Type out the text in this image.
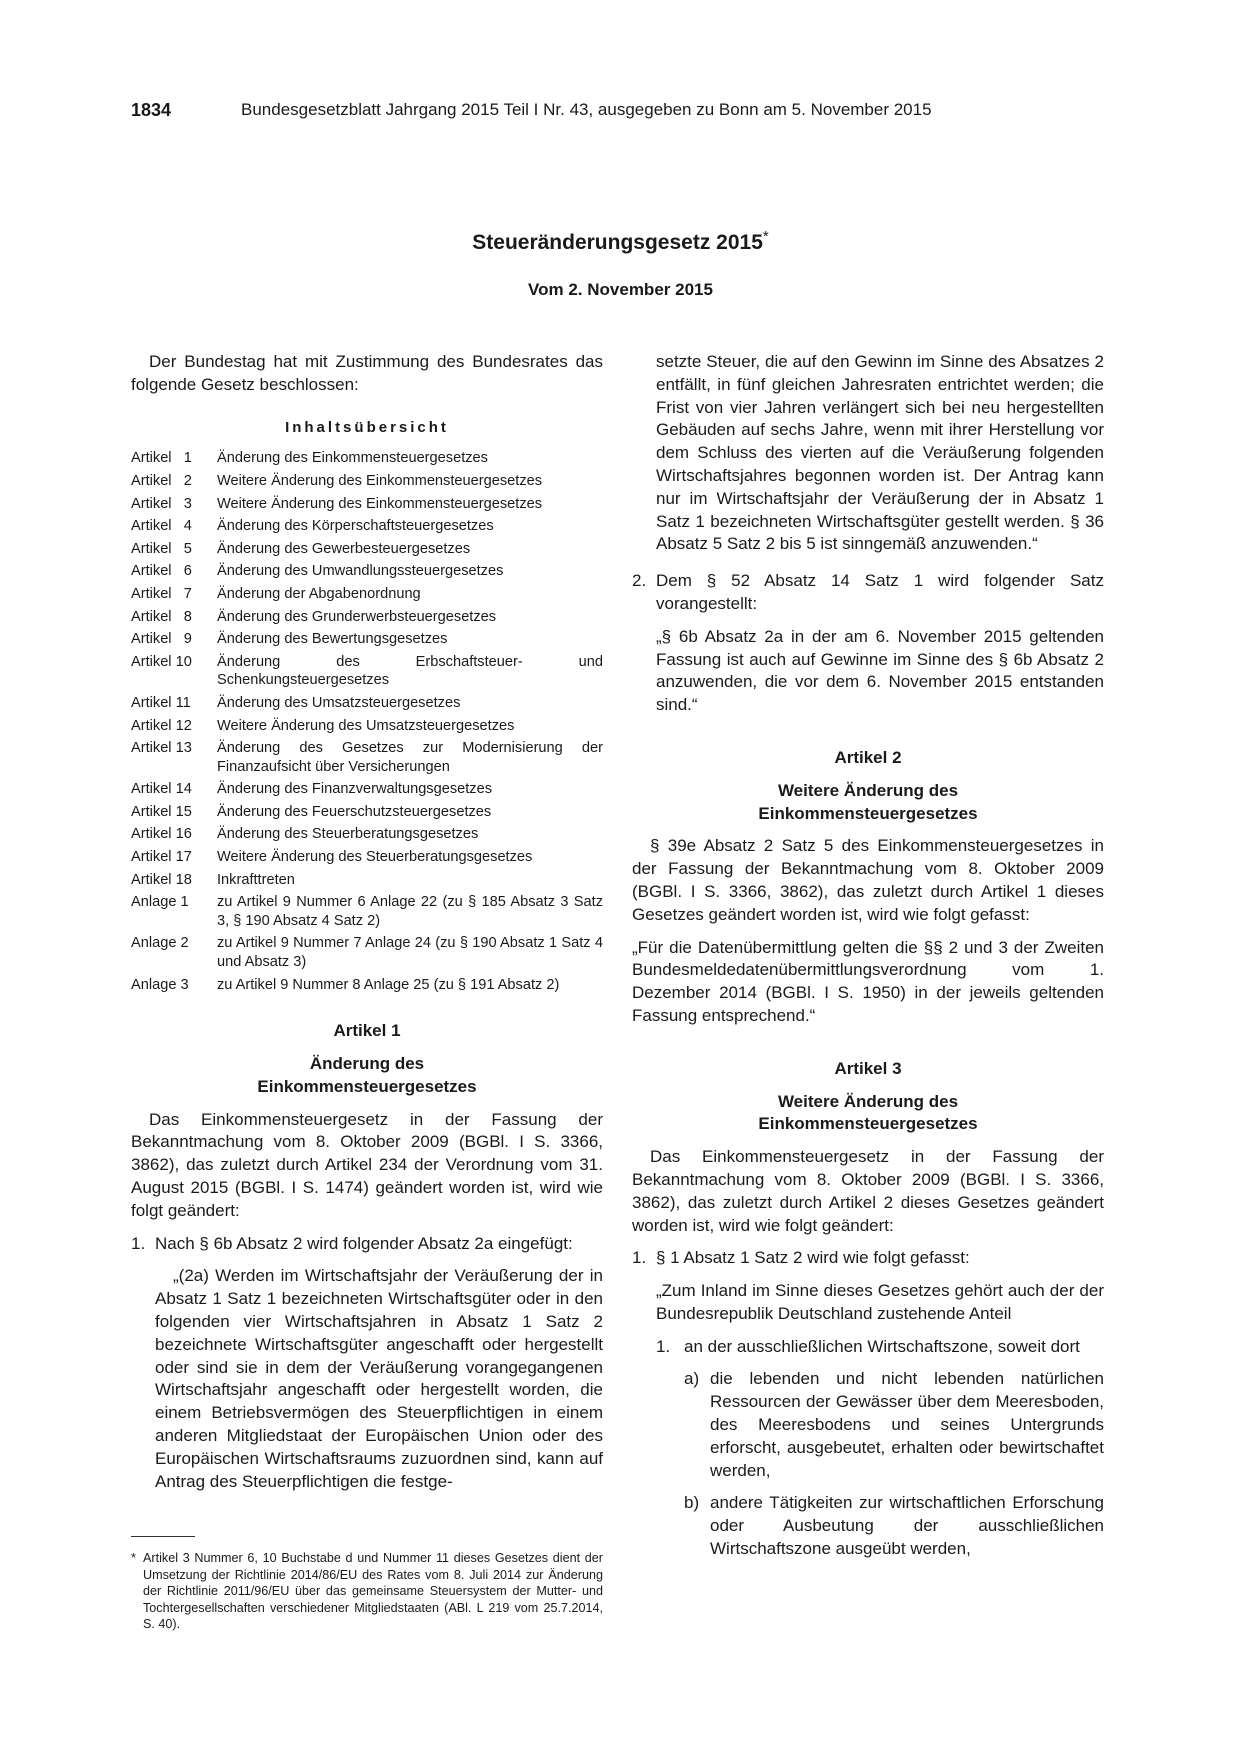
1834	Bundesgesetzblatt Jahrgang 2015 Teil I Nr. 43, ausgegeben zu Bonn am 5. November 2015
Steueränderungsgesetz 2015*
Vom 2. November 2015

Der Bundestag hat mit Zustimmung des Bundesrates das folgende Gesetz beschlossen:

Inhaltsübersicht
Artikel   1	Änderung des Einkommensteuergesetzes
Artikel   2	Weitere Änderung des Einkommensteuergesetzes
Artikel   3	Weitere Änderung des Einkommensteuergesetzes
Artikel   4	Änderung des Körperschaftsteuergesetzes
Artikel   5	Änderung des Gewerbesteuergesetzes
Artikel   6	Änderung des Umwandlungssteuergesetzes
Artikel   7	Änderung der Abgabenordnung
Artikel   8	Änderung des Grunderwerbsteuergesetzes
Artikel   9	Änderung des Bewertungsgesetzes
Artikel 10	Änderung des Erbschaftsteuer- und Schenkungsteuergesetzes
Artikel 11	Änderung des Umsatzsteuergesetzes
Artikel 12	Weitere Änderung des Umsatzsteuergesetzes
Artikel 13	Änderung des Gesetzes zur Modernisierung der Finanzaufsicht über Versicherungen
Artikel 14	Änderung des Finanzverwaltungsgesetzes
Artikel 15	Änderung des Feuerschutzsteuergesetzes
Artikel 16	Änderung des Steuerberatungsgesetzes
Artikel 17	Weitere Änderung des Steuerberatungsgesetzes
Artikel 18	Inkrafttreten
Anlage 1	zu Artikel 9 Nummer 6 Anlage 22 (zu § 185 Absatz 3 Satz 3, § 190 Absatz 4 Satz 2)
Anlage 2	zu Artikel 9 Nummer 7 Anlage 24 (zu § 190 Absatz 1 Satz 4 und Absatz 3)
Anlage 3	zu Artikel 9 Nummer 8 Anlage 25 (zu § 191 Absatz 2)
Artikel 1
Änderung des
Einkommensteuergesetzes

Das Einkommensteuergesetz in der Fassung der Bekanntmachung vom 8. Oktober 2009 (BGBl. I S. 3366, 3862), das zuletzt durch Artikel 234 der Verordnung vom 31. August 2015 (BGBl. I S. 1474) geändert worden ist, wird wie folgt geändert:

1. Nach § 6b Absatz 2 wird folgender Absatz 2a eingefügt:

„(2a) Werden im Wirtschaftsjahr der Veräußerung der in Absatz 1 Satz 1 bezeichneten Wirtschaftsgüter oder in den folgenden vier Wirtschaftsjahren in Absatz 1 Satz 2 bezeichnete Wirtschaftsgüter angeschafft oder hergestellt oder sind sie in dem der Veräußerung vorangegangenen Wirtschaftsjahr angeschafft oder hergestellt worden, die einem Betriebsvermögen des Steuerpflichtigen in einem anderen Mitgliedstaat der Europäischen Union oder des Europäischen Wirtschaftsraums zuzuordnen sind, kann auf Antrag des Steuerpflichtigen die festge-

setzte Steuer, die auf den Gewinn im Sinne des Absatzes 2 entfällt, in fünf gleichen Jahresraten entrichtet werden; die Frist von vier Jahren verlängert sich bei neu hergestellten Gebäuden auf sechs Jahre, wenn mit ihrer Herstellung vor dem Schluss des vierten auf die Veräußerung folgenden Wirtschaftsjahres begonnen worden ist. Der Antrag kann nur im Wirtschaftsjahr der Veräußerung der in Absatz 1 Satz 1 bezeichneten Wirtschaftsgüter gestellt werden. § 36 Absatz 5 Satz 2 bis 5 ist sinngemäß anzuwenden.“

2. Dem § 52 Absatz 14 Satz 1 wird folgender Satz vorangestellt:

„§ 6b Absatz 2a in der am 6. November 2015 geltenden Fassung ist auch auf Gewinne im Sinne des § 6b Absatz 2 anzuwenden, die vor dem 6. November 2015 entstanden sind.“

Artikel 2
Weitere Änderung des
Einkommensteuergesetzes

§ 39e Absatz 2 Satz 5 des Einkommensteuergesetzes in der Fassung der Bekanntmachung vom 8. Oktober 2009 (BGBl. I S. 3366, 3862), das zuletzt durch Artikel 1 dieses Gesetzes geändert worden ist, wird wie folgt gefasst:

„Für die Datenübermittlung gelten die §§ 2 und 3 der Zweiten Bundesmeldedatenübermittlungsverordnung vom 1. Dezember 2014 (BGBl. I S. 1950) in der jeweils geltenden Fassung entsprechend.“

Artikel 3
Weitere Änderung des
Einkommensteuergesetzes

Das Einkommensteuergesetz in der Fassung der Bekanntmachung vom 8. Oktober 2009 (BGBl. I S. 3366, 3862), das zuletzt durch Artikel 2 dieses Gesetzes geändert worden ist, wird wie folgt geändert:

1. § 1 Absatz 1 Satz 2 wird wie folgt gefasst:

„Zum Inland im Sinne dieses Gesetzes gehört auch der der Bundesrepublik Deutschland zustehende Anteil

1. an der ausschließlichen Wirtschaftszone, soweit dort
a) die lebenden und nicht lebenden natürlichen Ressourcen der Gewässer über dem Meeresboden, des Meeresbodens und seines Untergrunds erforscht, ausgebeutet, erhalten oder bewirtschaftet werden,
b) andere Tätigkeiten zur wirtschaftlichen Erforschung oder Ausbeutung der ausschließlichen Wirtschaftszone ausgeübt werden,
* Artikel 3 Nummer 6, 10 Buchstabe d und Nummer 11 dieses Gesetzes dient der Umsetzung der Richtlinie 2014/86/EU des Rates vom 8. Juli 2014 zur Änderung der Richtlinie 2011/96/EU über das gemeinsame Steuersystem der Mutter- und Tochtergesellschaften verschiedener Mitgliedstaaten (ABl. L 219 vom 25.7.2014, S. 40).
